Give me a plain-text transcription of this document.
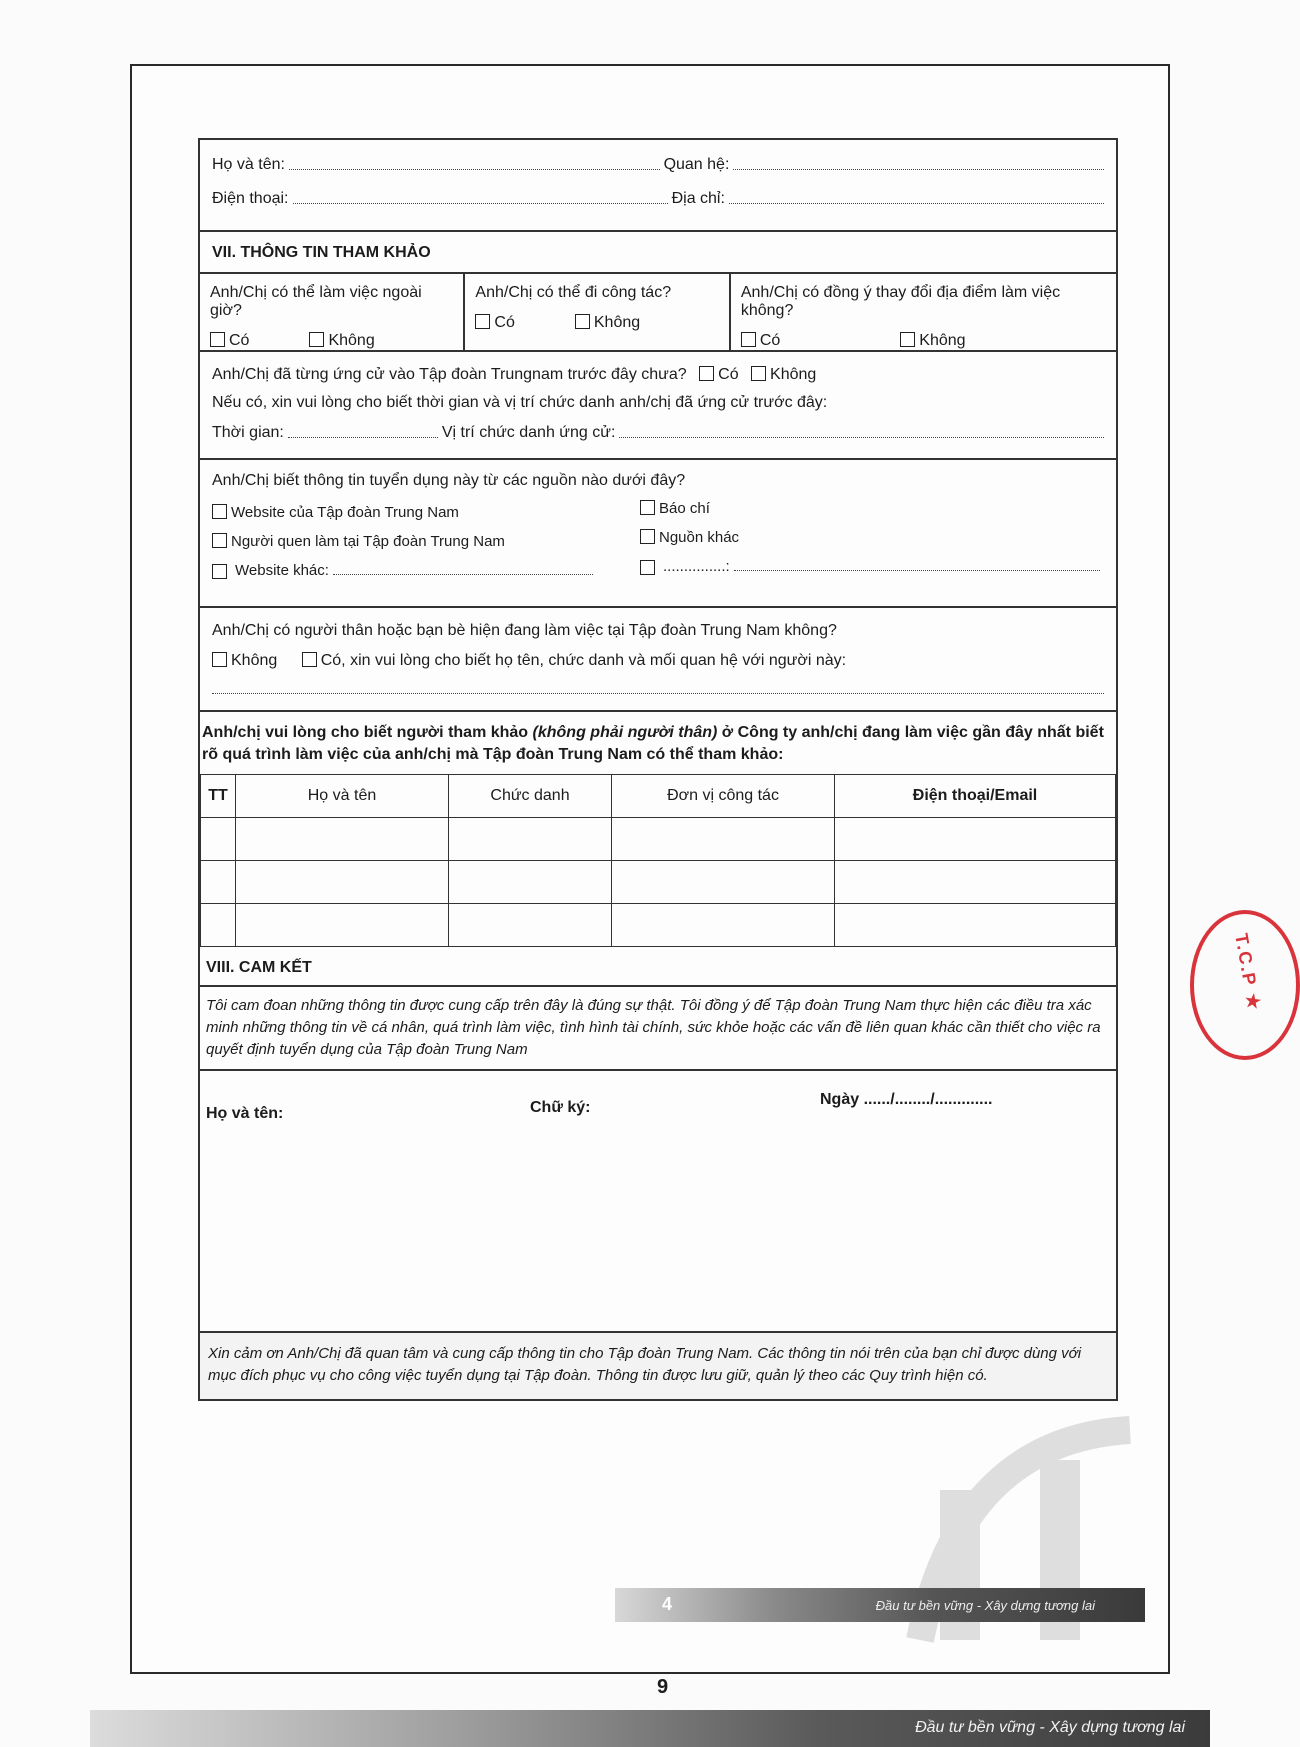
Đầu tư bền vững - Xây dựng tương lai
9
T.C.P ★
4	Đầu tư bền vững - Xây dựng tương lai
Họ và tên:	Quan hệ:
Điện thoại:	Địa chỉ:
VII. THÔNG TIN THAM KHẢO
Anh/Chị có thể làm việc ngoài giờ?
Có	Không
Anh/Chị có thể đi công tác?
Có	Không
Anh/Chị có đồng ý thay đổi địa điểm làm việc không?
Có	Không
Anh/Chị đã từng ứng cử vào Tập đoàn Trungnam trước đây chưa? Có Không
Nếu có, xin vui lòng cho biết thời gian và vị trí chức danh anh/chị đã ứng cử trước đây:
Thời gian:	Vị trí chức danh ứng cử:
Anh/Chị biết thông tin tuyển dụng này từ các nguồn nào dưới đây?
Website của Tập đoàn Trung Nam
Người quen làm tại Tập đoàn Trung Nam
Website khác:
Báo chí
Nguồn khác
...............:
Anh/Chị có người thân hoặc bạn bè hiện đang làm việc tại Tập đoàn Trung Nam không?
Không	Có, xin vui lòng cho biết họ tên, chức danh và mối quan hệ với người này:
Anh/chị vui lòng cho biết người tham khảo (không phải người thân) ở Công ty anh/chị đang làm việc gần đây nhất biết rõ quá trình làm việc của anh/chị mà Tập đoàn Trung Nam có thể tham khảo:
TT	Họ và tên	Chức danh	Đơn vị công tác	Điện thoại/Email

VIII. CAM KẾT
Tôi cam đoan những thông tin được cung cấp trên đây là đúng sự thật. Tôi đồng ý để Tập đoàn Trung Nam thực hiện các điều tra xác minh những thông tin về cá nhân, quá trình làm việc, tình hình tài chính, sức khỏe hoặc các vấn đề liên quan khác cần thiết cho việc ra quyết định tuyển dụng của Tập đoàn Trung Nam
Họ và tên:	Chữ ký:	Ngày ....../......../.............
Xin cảm ơn Anh/Chị đã quan tâm và cung cấp thông tin cho Tập đoàn Trung Nam. Các thông tin nói trên của bạn chỉ được dùng với mục đích phục vụ cho công việc tuyển dụng tại Tập đoàn. Thông tin được lưu giữ, quản lý theo các Quy trình hiện có.
